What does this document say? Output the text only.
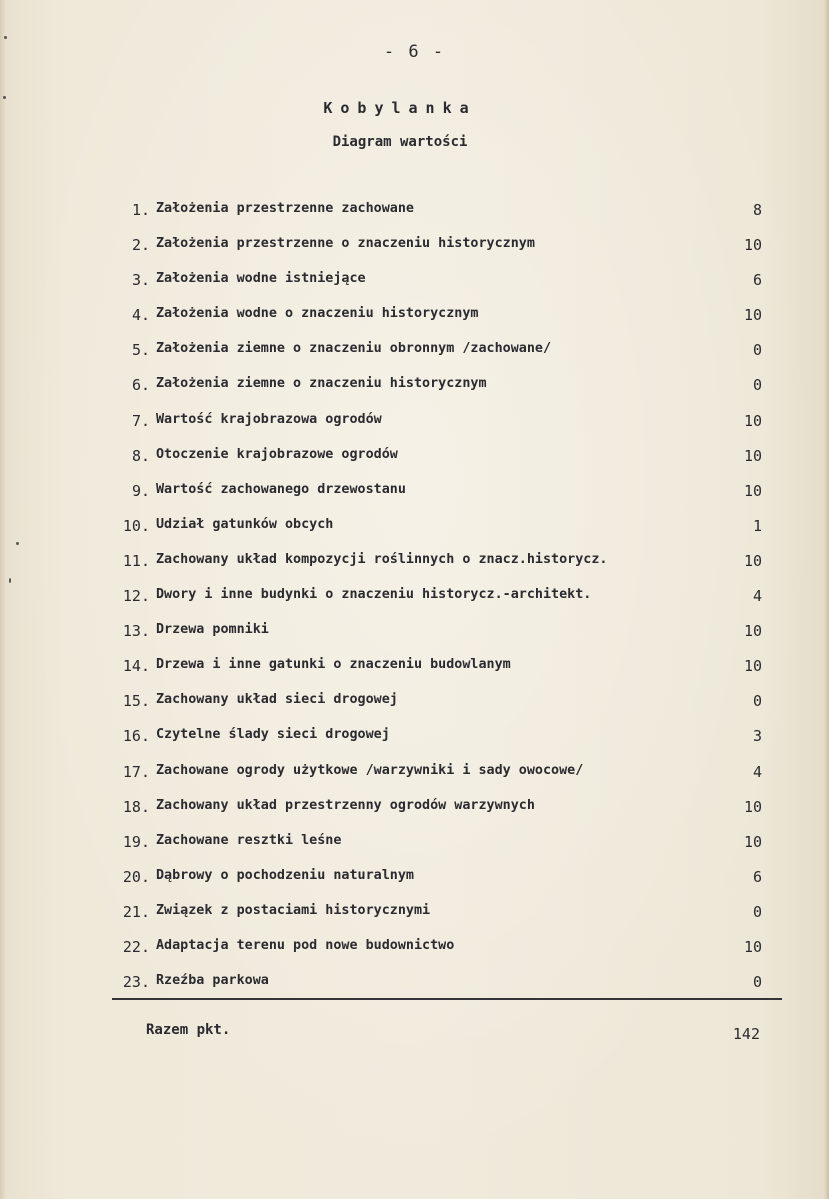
- 6 -
Kobylanka
Diagram wartości
1. Założenia przestrzenne zachowane	8
2. Założenia przestrzenne o znaczeniu historycznym	10
3. Założenia wodne istniejące	6
4. Założenia wodne o znaczeniu historycznym	10
5. Założenia ziemne o znaczeniu obronnym /zachowane/	0
6. Założenia ziemne o znaczeniu historycznym	0
7. Wartość krajobrazowa ogrodów	10
8. Otoczenie krajobrazowe ogrodów	10
9. Wartość zachowanego drzewostanu	10
10. Udział gatunków obcych	1
11. Zachowany układ kompozycji roślinnych o znacz.historycz.	10
12. Dwory i inne budynki o znaczeniu historycz.-architekt.	4
13. Drzewa pomniki	10
14. Drzewa i inne gatunki o znaczeniu budowlanym	10
15. Zachowany układ sieci drogowej	0
16. Czytelne ślady sieci drogowej	3
17. Zachowane ogrody użytkowe /warzywniki i sady owocowe/	4
18. Zachowany układ przestrzenny ogrodów warzywnych	10
19. Zachowane resztki leśne	10
20. Dąbrowy o pochodzeniu naturalnym	6
21. Związek z postaciami historycznymi	0
22. Adaptacja terenu pod nowe budownictwo	10
23. Rzeźba parkowa	0
Razem pkt.	142
